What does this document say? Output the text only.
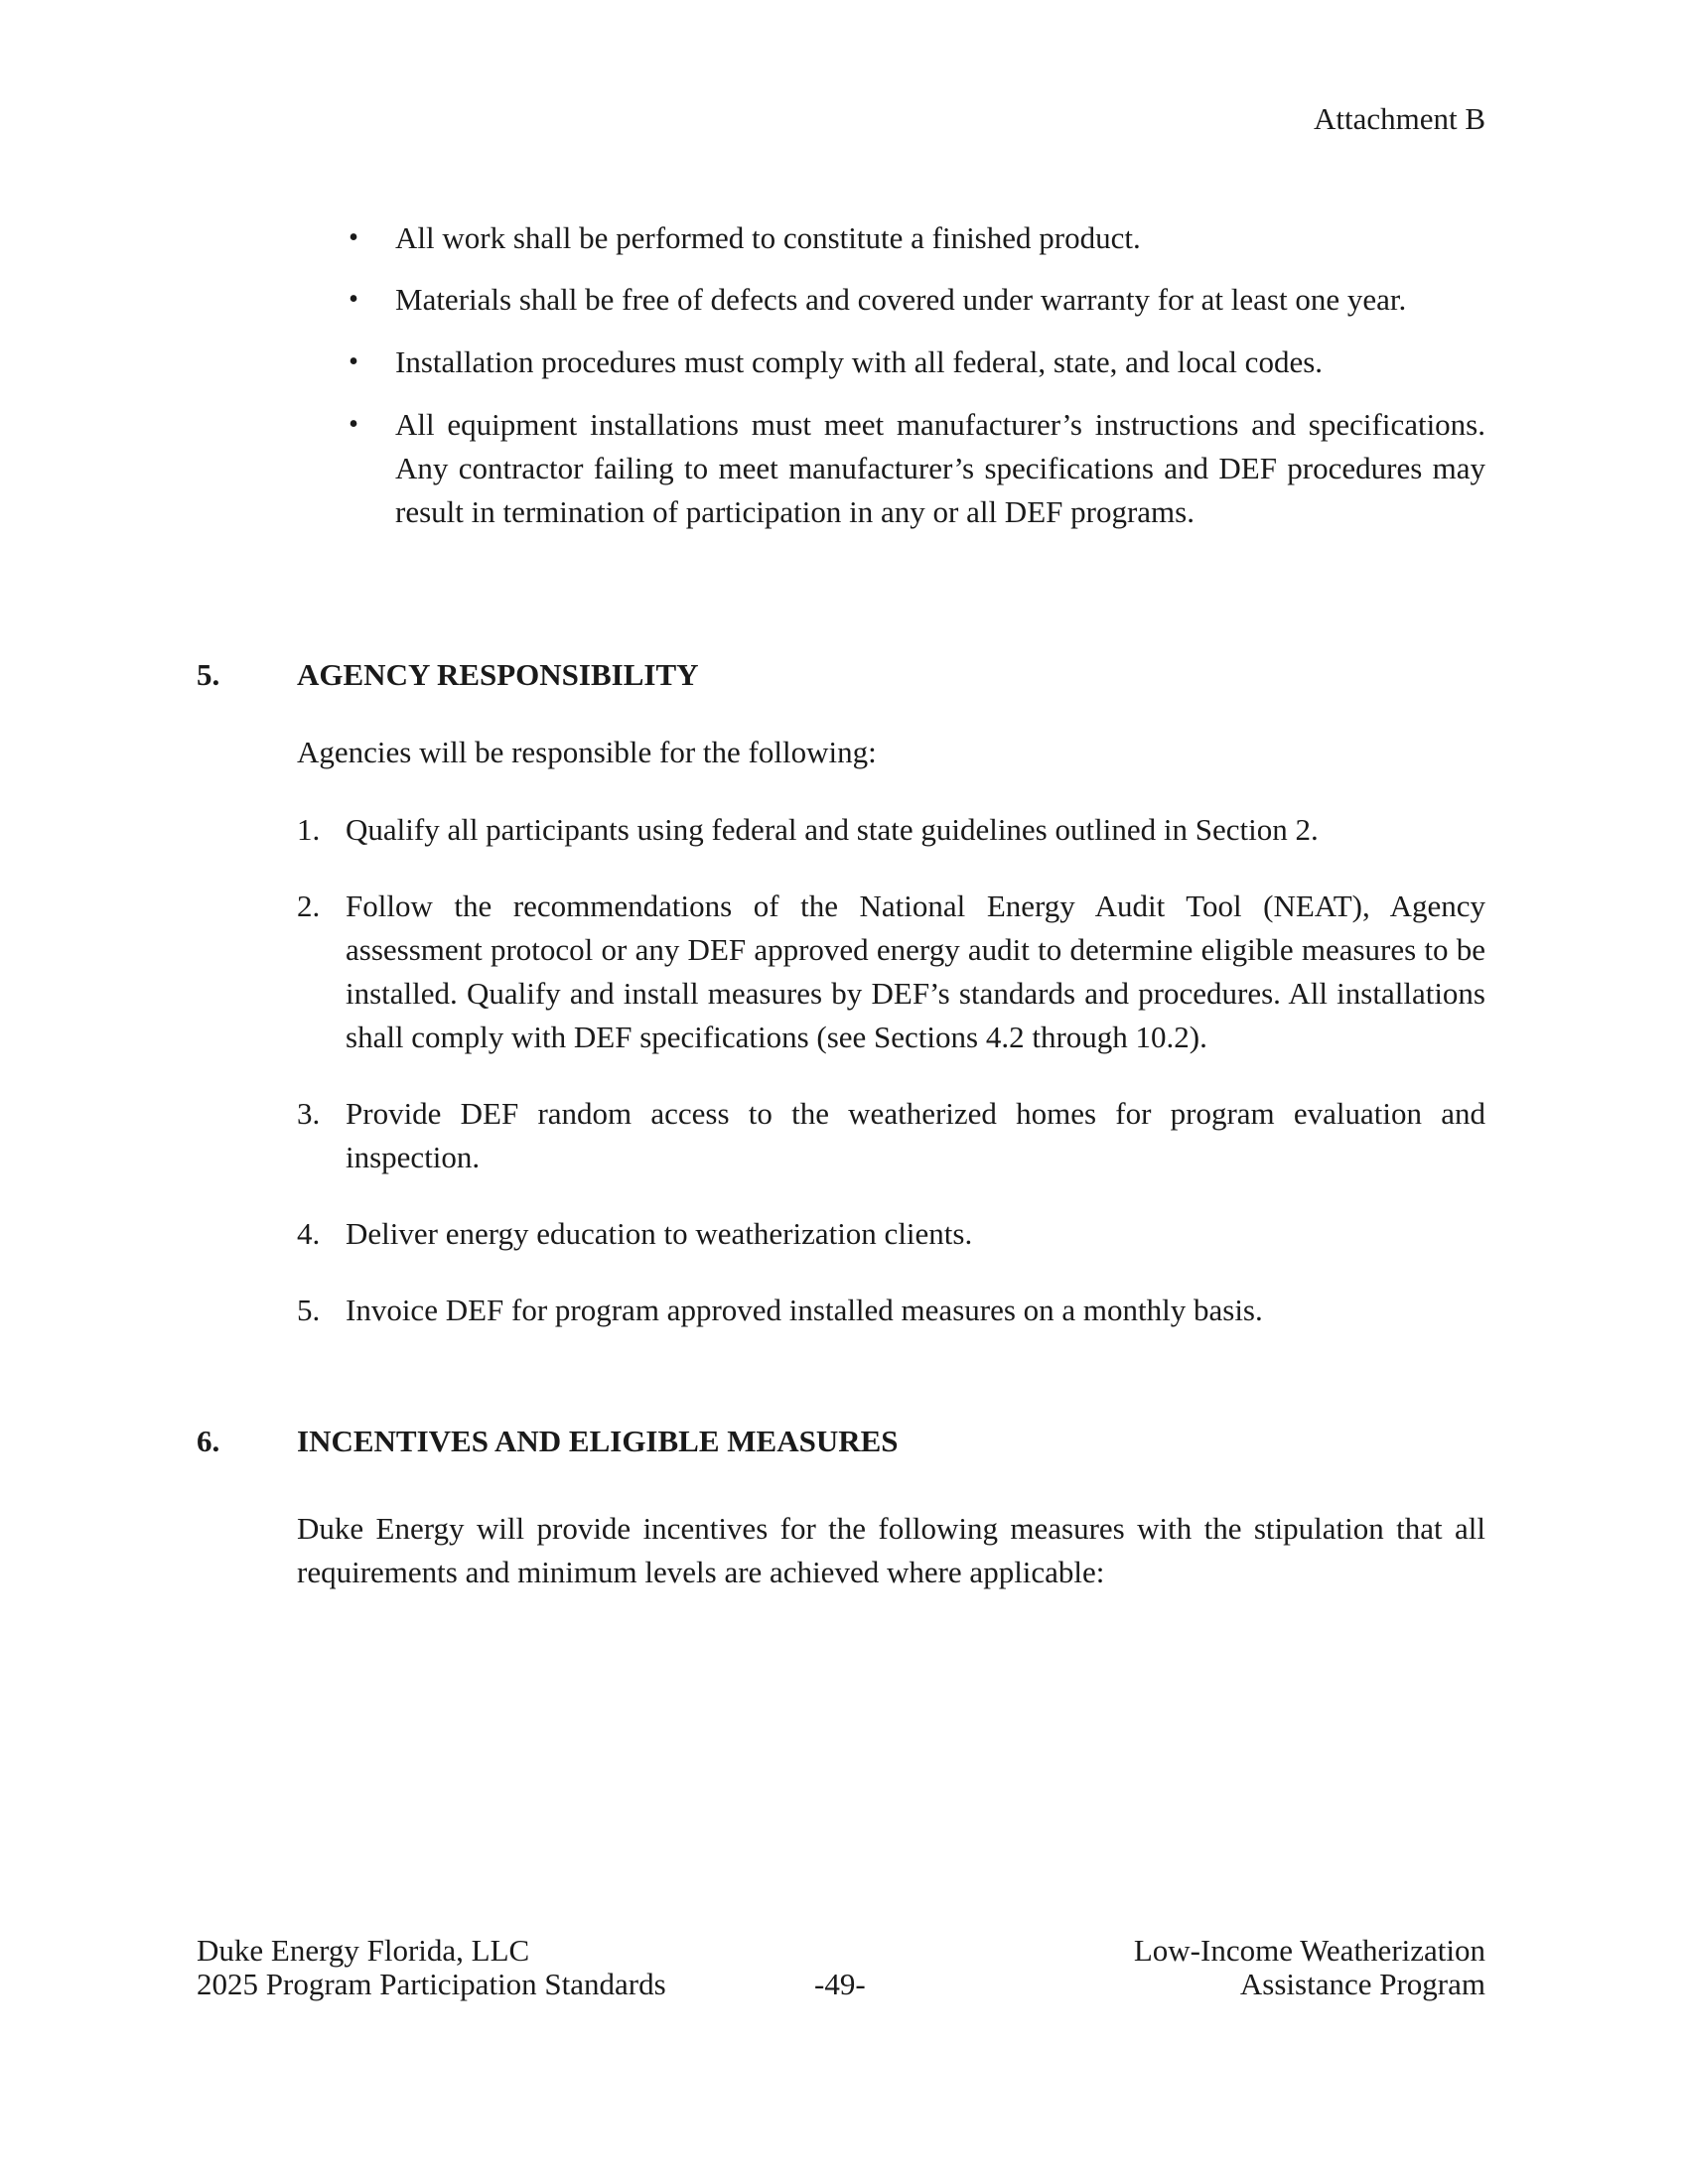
Attachment B
•	All work shall be performed to constitute a finished product.
•	Materials shall be free of defects and covered under warranty for at least one year.
•	Installation procedures must comply with all federal, state, and local codes.
•	All equipment installations must meet manufacturer’s instructions and specifications. Any contractor failing to meet manufacturer’s specifications and DEF procedures may result in termination of participation in any or all DEF programs.
5.	AGENCY RESPONSIBILITY
Agencies will be responsible for the following:
1. Qualify all participants using federal and state guidelines outlined in Section 2.
2. Follow the recommendations of the National Energy Audit Tool (NEAT), Agency assessment protocol or any DEF approved energy audit to determine eligible measures to be installed. Qualify and install measures by DEF’s standards and procedures. All installations shall comply with DEF specifications (see Sections 4.2 through 10.2).
3. Provide DEF random access to the weatherized homes for program evaluation and inspection.
4. Deliver energy education to weatherization clients.
5. Invoice DEF for program approved installed measures on a monthly basis.
6.	INCENTIVES AND ELIGIBLE MEASURES
Duke Energy will provide incentives for the following measures with the stipulation that all requirements and minimum levels are achieved where applicable:
Duke Energy Florida, LLC
2025 Program Participation Standards	-49-
Low-Income Weatherization
Assistance Program
